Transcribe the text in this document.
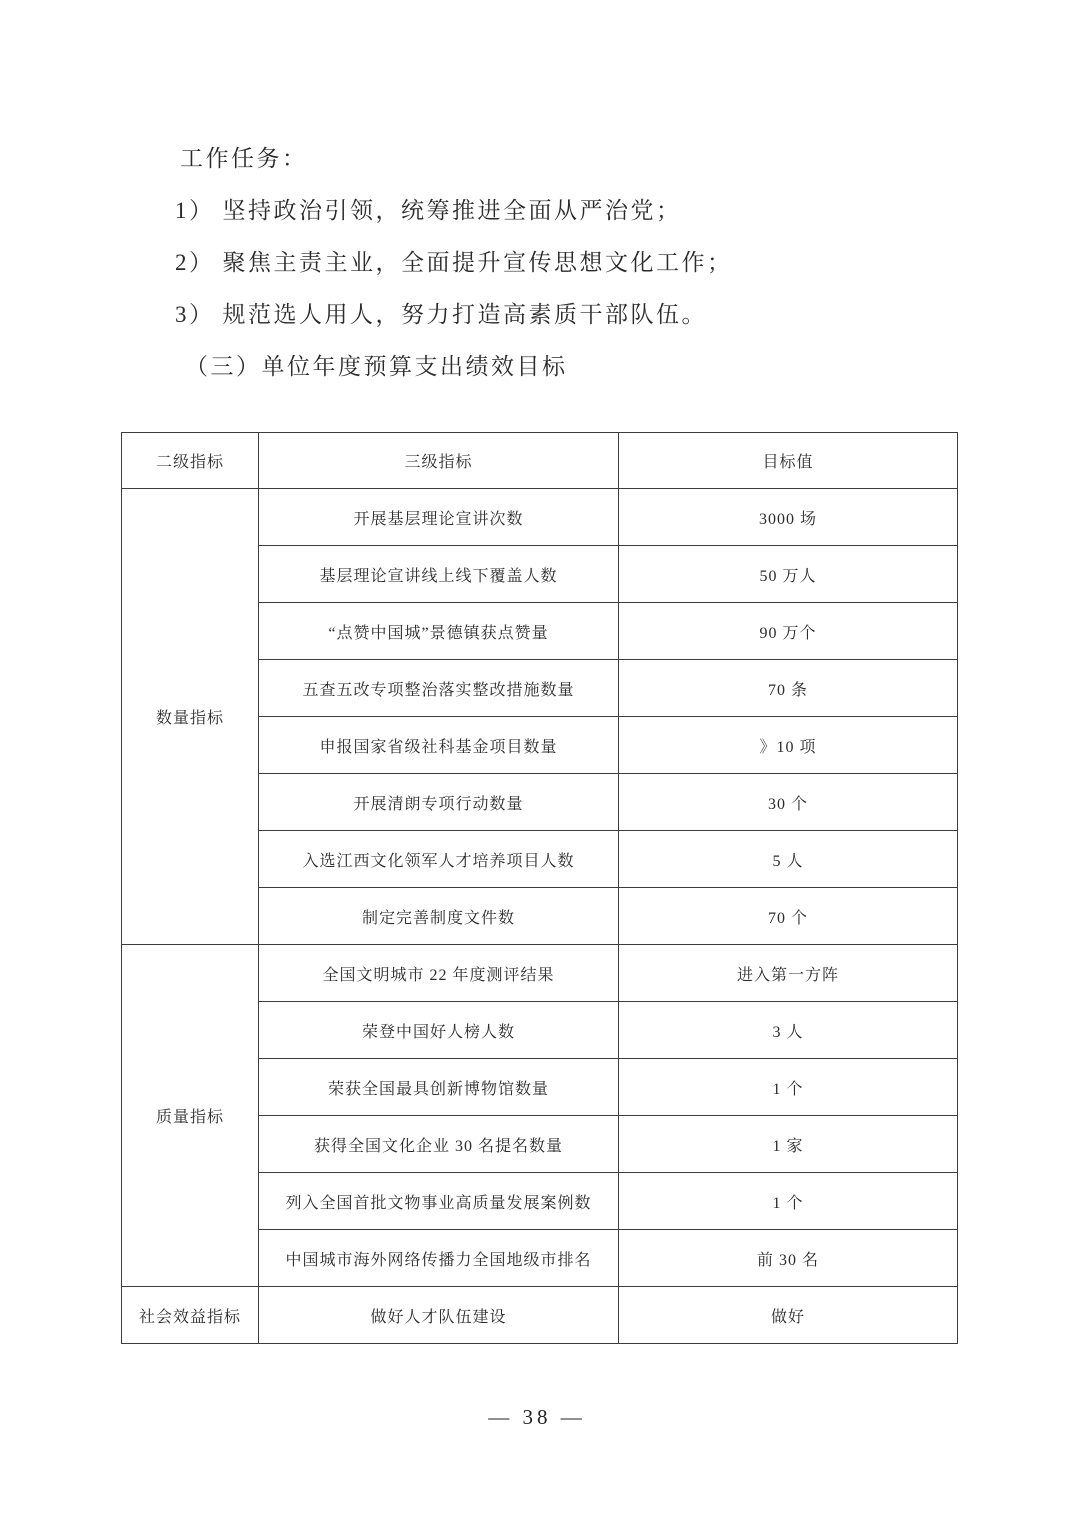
工作任务：
1） 坚持政治引领，统筹推进全面从严治党；
2） 聚焦主责主业，全面提升宣传思想文化工作；
3） 规范选人用人，努力打造高素质干部队伍。
（三）单位年度预算支出绩效目标
二级指标	三级指标	目标值
数量指标	开展基层理论宣讲次数	3000 场
	基层理论宣讲线上线下覆盖人数	50 万人
	“点赞中国城”景德镇获点赞量	90 万个
	五查五改专项整治落实整改措施数量	70 条
	申报国家省级社科基金项目数量	》10 项
	开展清朗专项行动数量	30 个
	入选江西文化领军人才培养项目人数	5 人
	制定完善制度文件数	70 个
质量指标	全国文明城市 22 年度测评结果	进入第一方阵
	荣登中国好人榜人数	3 人
	荣获全国最具创新博物馆数量	1 个
	获得全国文化企业 30 名提名数量	1 家
	列入全国首批文物事业高质量发展案例数	1 个
	中国城市海外网络传播力全国地级市排名	前 30 名
社会效益指标	做好人才队伍建设	做好
— 38 —
